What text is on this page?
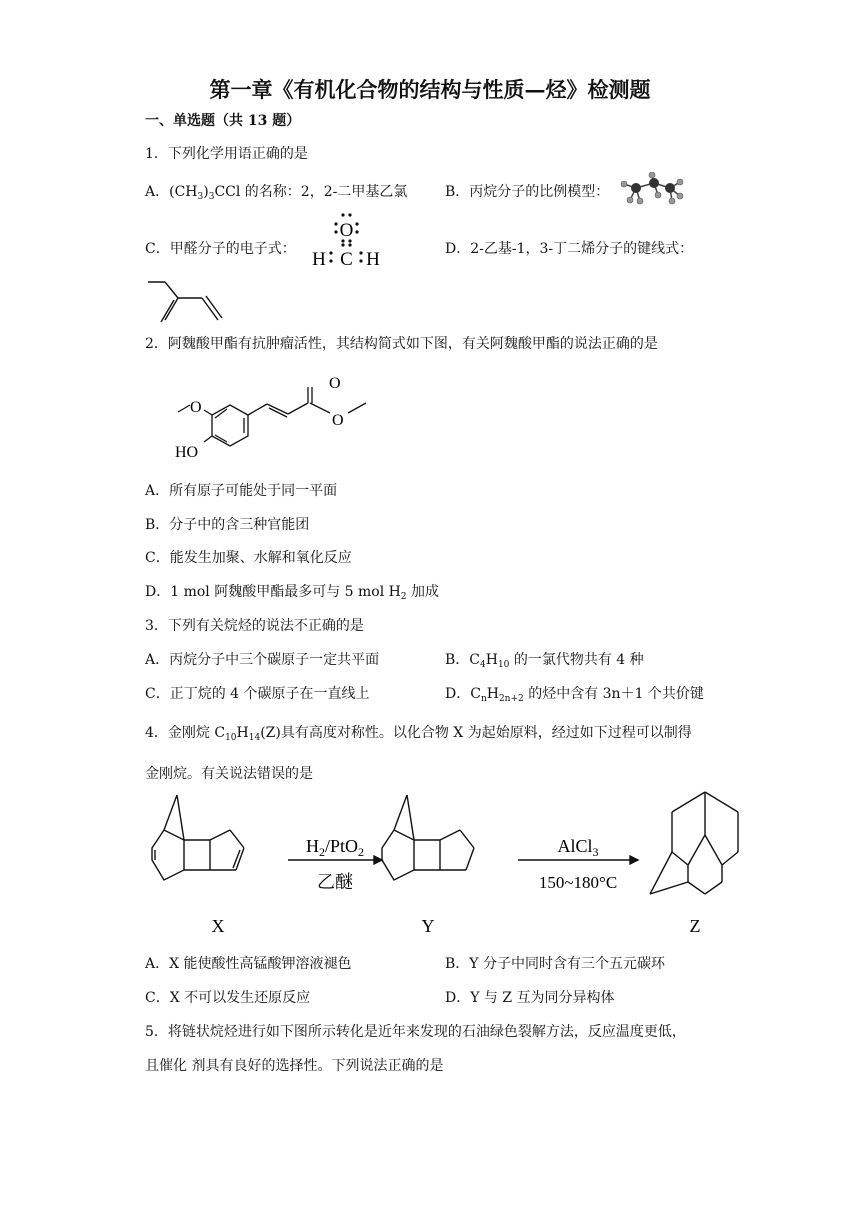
第一章《有机化合物的结构与性质—烃》检测题
一、单选题（共 13 题）
1．下列化学用语正确的是
A．$(CH_3)_3CCl$ 的名称：2，2-二甲基乙氯	B．丙烷分子的比例模型：
C．甲醛分子的电子式：
O
H C H	D．2-乙基-1，3-丁二烯分子的键线式：
2．阿魏酸甲酯有抗肿瘤活性，其结构简式如下图，有关阿魏酸甲酯的说法正确的是
O
O
O
HO
A．所有原子可能处于同一平面
B．分子中的含三种官能团
C．能发生加聚、水解和氧化反应
D．1 mol 阿魏酸甲酯最多可与 5 mol $H_2$ 加成
3．下列有关烷烃的说法不正确的是
A．丙烷分子中三个碳原子一定共平面	B．$C_4H_{10}$ 的一氯代物共有 4 种
C．正丁烷的 4 个碳原子在一直线上	D．$C_nH_{2n+2}$ 的烃中含有 3n＋1 个共价键
4．金刚烷 $C_{10}H_{14}(Z)$具有高度对称性。以化合物 X 为起始原料，经过如下过程可以制得
金刚烷。有关说法错误的是
$H_2/PtO_2$
乙醚
AlCl$_3$
150~180°C
X	Y	Z
A．X 能使酸性高锰酸钾溶液褪色	B．Y 分子中同时含有三个五元碳环
C．X 不可以发生还原反应	D．Y 与 Z 互为同分异构体
5．将链状烷烃进行如下图所示转化是近年来发现的石油绿色裂解方法，反应温度更低，
且催化 剂具有良好的选择性。下列说法正确的是
